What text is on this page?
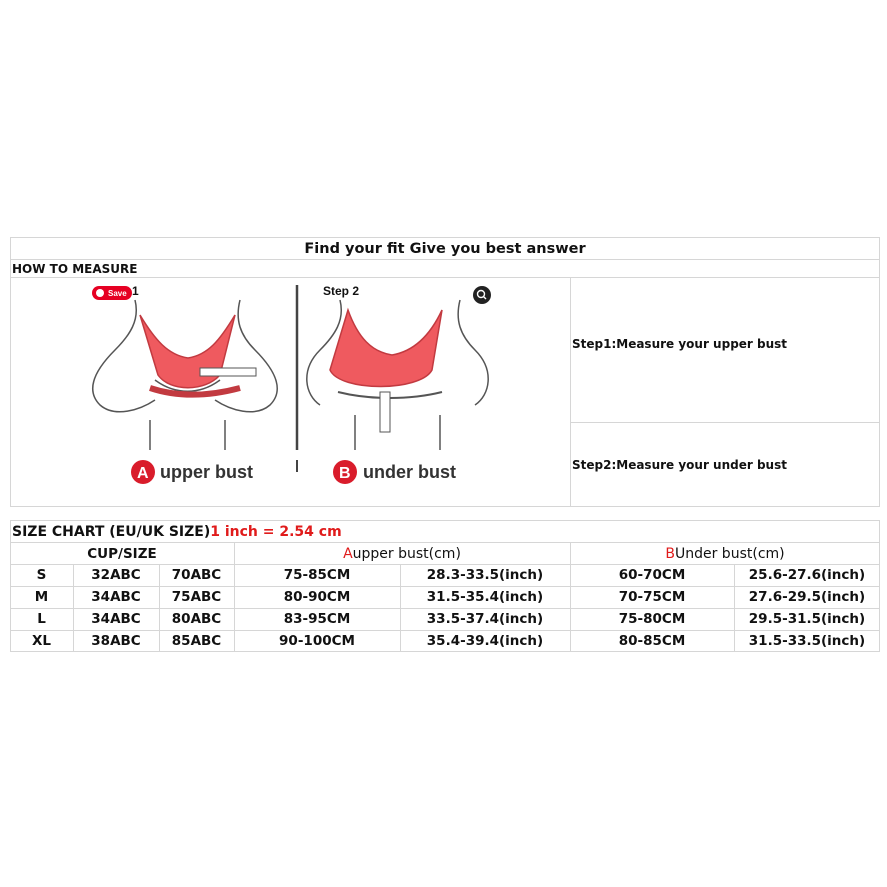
Find your fit Give you best answer
HOW TO MEASURE
Save 1	Step 2
A upper bust	B under bust
Step1:Measure your upper bust
Step2:Measure your under bust
SIZE CHART (EU/UK SIZE) 1 inch = 2.54 cm
CUP/SIZE	A upper bust(cm)	B Under bust(cm)
S	32ABC	70ABC	75-85CM	28.3-33.5(inch)	60-70CM	25.6-27.6(inch)
M	34ABC	75ABC	80-90CM	31.5-35.4(inch)	70-75CM	27.6-29.5(inch)
L	34ABC	80ABC	83-95CM	33.5-37.4(inch)	75-80CM	29.5-31.5(inch)
XL	38ABC	85ABC	90-100CM	35.4-39.4(inch)	80-85CM	31.5-33.5(inch)
